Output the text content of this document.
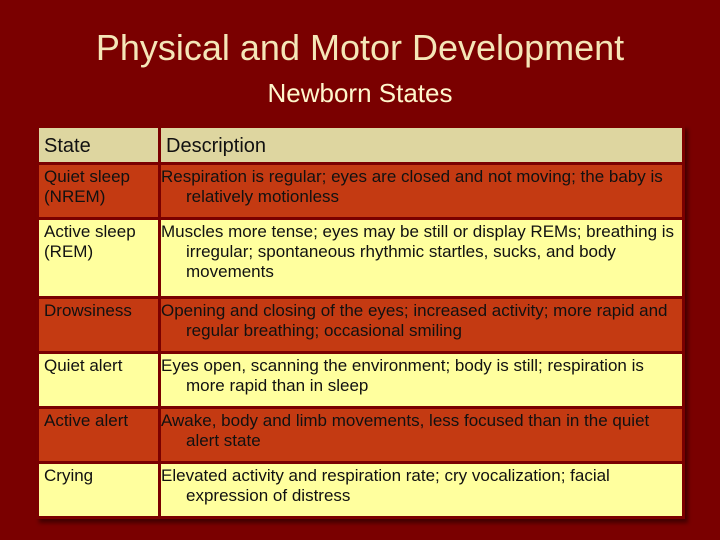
Physical and Motor Development
Newborn States
State	Description
Quiet sleep (NREM)	Respiration is regular; eyes are closed and not moving; the baby is relatively motionless
Active sleep (REM)	Muscles more tense; eyes may be still or display REMs; breathing is irregular; spontaneous rhythmic startles, sucks, and body movements
Drowsiness	Opening and closing of the eyes; increased activity; more rapid and regular breathing; occasional smiling
Quiet alert	Eyes open, scanning the environment; body is still; respiration is more rapid than in sleep
Active alert	Awake, body and limb movements, less focused than in the quiet alert state
Crying	Elevated activity and respiration rate; cry vocalization; facial expression of distress
